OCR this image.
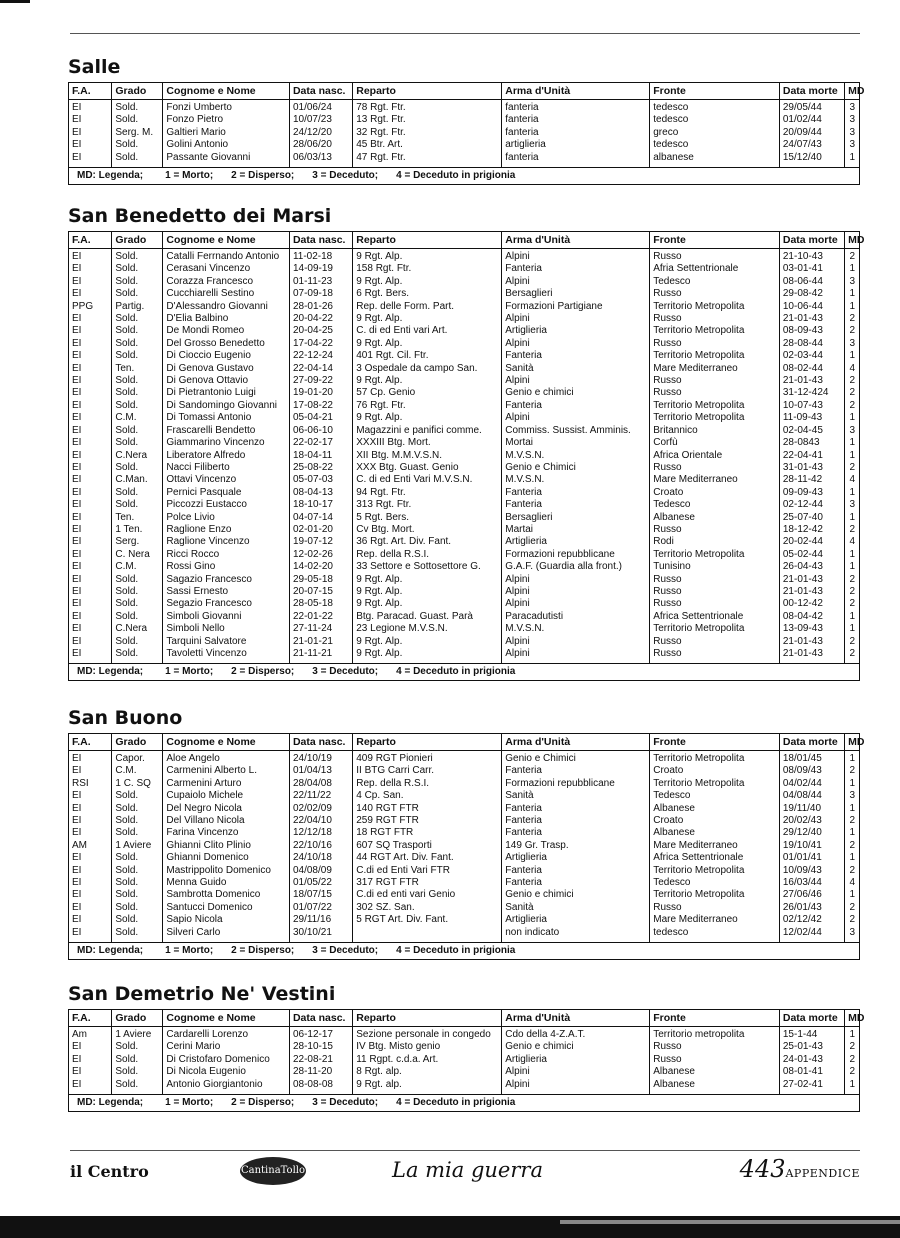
Salle
F.A.	Grado	Cognome e Nome	Data nasc.	Reparto	Arma d'Unità	Fronte	Data morte	MD
EI	Sold.	Fonzi Umberto	01/06/24	78 Rgt. Ftr.	fanteria	tedesco	29/05/44	3
EI	Sold.	Fonzo Pietro	10/07/23	13 Rgt. Ftr.	fanteria	tedesco	01/02/44	3
EI	Serg. M.	Galtieri Mario	24/12/20	32 Rgt. Ftr.	fanteria	greco	20/09/44	3
EI	Sold.	Golini Antonio	28/06/20	45 Btr. Art.	artiglieria	tedesco	24/07/43	3
EI	Sold.	Passante Giovanni	06/03/13	47 Rgt. Ftr.	fanteria	albanese	15/12/40	1
MD: Legenda; 1 = Morto; 2 = Disperso; 3 = Deceduto; 4 = Deceduto in prigionia
San Benedetto dei Marsi
F.A.	Grado	Cognome e Nome	Data nasc.	Reparto	Arma d'Unità	Fronte	Data morte	MD
EI	Sold.	Catalli Ferrnando Antonio	11-02-18	9 Rgt. Alp.	Alpini	Russo	21-10-43	2
EI	Sold.	Cerasani Vincenzo	14-09-19	158 Rgt. Ftr.	Fanteria	Afria Settentrionale	03-01-41	1
EI	Sold.	Corazza Francesco	01-11-23	9 Rgt. Alp.	Alpini	Tedesco	08-06-44	3
EI	Sold.	Cucchiarelli Sestino	07-09-18	6 Rgt. Bers.	Bersaglieri	Russo	29-08-42	1
PPG	Partig.	D'Alessandro Giovanni	28-01-26	Rep. delle Form. Part.	Formazioni Partigiane	Territorio Metropolita	10-06-44	1
EI	Sold.	D'Elia Balbino	20-04-22	9 Rgt. Alp.	Alpini	Russo	21-01-43	2
EI	Sold.	De Mondi Romeo	20-04-25	C. di ed Enti vari Art.	Artiglieria	Territorio Metropolita	08-09-43	2
EI	Sold.	Del Grosso Benedetto	17-04-22	9 Rgt. Alp.	Alpini	Russo	28-08-44	3
EI	Sold.	Di Cioccio Eugenio	22-12-24	401 Rgt. Cil. Ftr.	Fanteria	Territorio Metropolita	02-03-44	1
EI	Ten.	Di Genova Gustavo	22-04-14	3 Ospedale da campo San.	Sanità	Mare Mediterraneo	08-02-44	4
EI	Sold.	Di Genova Ottavio	27-09-22	9 Rgt. Alp.	Alpini	Russo	21-01-43	2
EI	Sold.	Di Pietrantonio Luigi	19-01-20	57 Cp. Genio	Genio e chimici	Russo	31-12-424	2
EI	Sold.	Di Sandomingo Giovanni	17-08-22	76 Rgt. Ftr.	Fanteria	Territorio Metropolita	10-07-43	2
EI	C.M.	Di Tomassi Antonio	05-04-21	9 Rgt. Alp.	Alpini	Territorio Metropolita	11-09-43	1
EI	Sold.	Frascarelli Bendetto	06-06-10	Magazzini e panifici comme.	Commiss. Sussist. Amminis.	Britannico	02-04-45	3
EI	Sold.	Giammarino Vincenzo	22-02-17	XXXIII Btg. Mort.	Mortai	Corfù	28-0843	1
EI	C.Nera	Liberatore Alfredo	18-04-11	XII Btg. M.M.V.S.N.	M.V.S.N.	Africa Orientale	22-04-41	1
EI	Sold.	Nacci Filiberto	25-08-22	XXX Btg. Guast. Genio	Genio e Chimici	Russo	31-01-43	2
EI	C.Man.	Ottavi Vincenzo	05-07-03	C. di ed Enti Vari M.V.S.N.	M.V.S.N.	Mare Mediterraneo	28-11-42	4
EI	Sold.	Pernici Pasquale	08-04-13	94 Rgt. Ftr.	Fanteria	Croato	09-09-43	1
EI	Sold.	Piccozzi Eustacco	18-10-17	313 Rgt. Ftr.	Fanteria	Tedesco	02-12-44	3
EI	Ten.	Polce Livio	04-07-14	5 Rgt. Bers.	Bersaglieri	Albanese	25-07-40	1
EI	1 Ten.	Raglione Enzo	02-01-20	Cv Btg. Mort.	Martai	Russo	18-12-42	2
EI	Serg.	Raglione Vincenzo	19-07-12	36 Rgt. Art. Div. Fant.	Artiglieria	Rodi	20-02-44	4
EI	C. Nera	Ricci Rocco	12-02-26	Rep. della R.S.I.	Formazioni repubblicane	Territorio Metropolita	05-02-44	1
EI	C.M.	Rossi Gino	14-02-20	33 Settore e Sottosettore G.	G.A.F. (Guardia alla front.)	Tunisino	26-04-43	1
EI	Sold.	Sagazio Francesco	29-05-18	9 Rgt. Alp.	Alpini	Russo	21-01-43	2
EI	Sold.	Sassi Ernesto	20-07-15	9 Rgt. Alp.	Alpini	Russo	21-01-43	2
EI	Sold.	Segazio Francesco	28-05-18	9 Rgt. Alp.	Alpini	Russo	00-12-42	2
EI	Sold.	Simboli Giovanni	22-01-22	Btg. Paracad. Guast. Parà	Paracadutisti	Africa Settentrionale	08-04-42	1
EI	C.Nera	Simboli Nello	27-11-24	23 Legione M.V.S.N.	M.V.S.N.	Territorio Metropolita	13-09-43	1
EI	Sold.	Tarquini Salvatore	21-01-21	9 Rgt. Alp.	Alpini	Russo	21-01-43	2
EI	Sold.	Tavoletti Vincenzo	21-11-21	9 Rgt. Alp.	Alpini	Russo	21-01-43	2
MD: Legenda; 1 = Morto; 2 = Disperso; 3 = Deceduto; 4 = Deceduto in prigionia
San Buono
F.A.	Grado	Cognome e Nome	Data nasc.	Reparto	Arma d'Unità	Fronte	Data morte	MD
EI	Capor.	Aloe Angelo	24/10/19	409 RGT Pionieri	Genio e Chimici	Territorio Metropolita	18/01/45	1
EI	C.M.	Carmenini Alberto L.	01/04/13	II BTG Carri Carr.	Fanteria	Croato	08/09/43	2
RSI	1 C. SQ	Carmenini Arturo	28/04/08	Rep. della R.S.I.	Formazioni repubblicane	Territorio Metropolita	04/02/44	1
EI	Sold.	Cupaiolo Michele	22/11/22	4 Cp. San.	Sanità	Tedesco	04/08/44	3
EI	Sold.	Del Negro Nicola	02/02/09	140 RGT FTR	Fanteria	Albanese	19/11/40	1
EI	Sold.	Del Villano Nicola	22/04/10	259 RGT FTR	Fanteria	Croato	20/02/43	2
EI	Sold.	Farina Vincenzo	12/12/18	18 RGT FTR	Fanteria	Albanese	29/12/40	1
AM	1 Aviere	Ghianni Clito Plinio	22/10/16	607 SQ Trasporti	149 Gr. Trasp.	Mare Mediterraneo	19/10/41	2
EI	Sold.	Ghianni Domenico	24/10/18	44 RGT Art. Div. Fant.	Artiglieria	Africa Settentrionale	01/01/41	1
EI	Sold.	Mastrippolito Domenico	04/08/09	C.di ed Enti Vari FTR	Fanteria	Territorio Metropolita	10/09/43	2
EI	Sold.	Menna Guido	01/05/22	317 RGT FTR	Fanteria	Tedesco	16/03/44	4
EI	Sold.	Sambrotta Domenico	18/07/15	C.di ed enti vari Genio	Genio e chimici	Territorio Metropolita	27/06/46	1
EI	Sold.	Santucci Domenico	01/07/22	302 SZ. San.	Sanità	Russo	26/01/43	2
EI	Sold.	Sapio Nicola	29/11/16	5 RGT Art. Div. Fant.	Artiglieria	Mare Mediterraneo	02/12/42	2
EI	Sold.	Silveri Carlo	30/10/21		non indicato	tedesco	12/02/44	3
MD: Legenda; 1 = Morto; 2 = Disperso; 3 = Deceduto; 4 = Deceduto in prigionia
San Demetrio Ne' Vestini
F.A.	Grado	Cognome e Nome	Data nasc.	Reparto	Arma d'Unità	Fronte	Data morte	MD
Am	1 Aviere	Cardarelli Lorenzo	06-12-17	Sezione personale in congedo	Cdo della 4-Z.A.T.	Territorio metropolita	15-1-44	1
EI	Sold.	Cerini Mario	28-10-15	IV Btg. Misto genio	Genio e chimici	Russo	25-01-43	2
EI	Sold.	Di Cristofaro Domenico	22-08-21	11 Rgpt. c.d.a. Art.	Artiglieria	Russo	24-01-43	2
EI	Sold.	Di Nicola Eugenio	28-11-20	8 Rgt. alp.	Alpini	Albanese	08-01-41	2
EI	Sold.	Antonio Giorgiantonio	08-08-08	9 Rgt. alp.	Alpini	Albanese	27-02-41	1
MD: Legenda; 1 = Morto; 2 = Disperso; 3 = Deceduto; 4 = Deceduto in prigionia
il Centro	CantinaTollo	La mia guerra	443APPENDICE
